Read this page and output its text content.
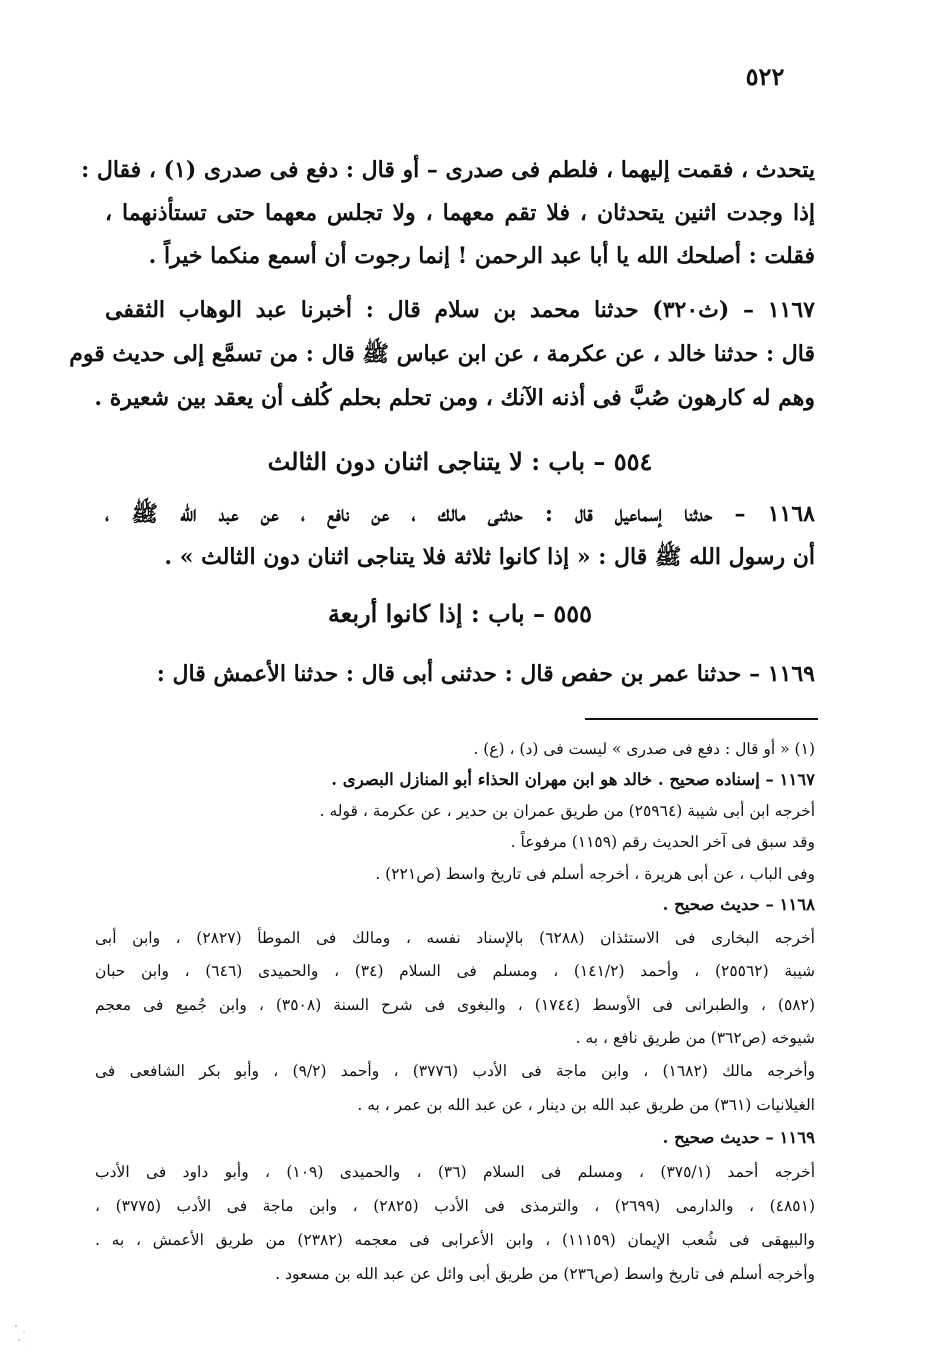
٥٢٢
يتحدث ، فقمت إليهما ، فلطم فى صدرى – أو قال : دفع فى صدرى (١) ، فقال :
إذا وجدت اثنين يتحدثان ، فلا تقم معهما ، ولا تجلس معهما حتى تستأذنهما ،
فقلت : أصلحك الله يا أبا عبد الرحمن ! إنما رجوت أن أسمع منكما خيراً .
١١٦٧ – (ث٣٢٠) حدثنا محمد بن سلام قال : أخبرنا عبد الوهاب الثقفى
قال : حدثنا خالد ، عن عكرمة ، عن ابن عباس ﷺ قال : من تسمَّع إلى حديث قوم
وهم له كارهون صُبَّ فى أذنه الآنك ، ومن تحلم بحلم كُلف أن يعقد بين شعيرة .
٥٥٤ – باب : لا يتناجى اثنان دون الثالث
١١٦٨ – حدثنا إسماعيل قال : حدثنى مالك ، عن نافع ، عن عبد الله ﷺ ،
أن رسول الله ﷺ قال : « إذا كانوا ثلاثة فلا يتناجى اثنان دون الثالث » .
٥٥٥ – باب : إذا كانوا أربعة
١١٦٩ – حدثنا عمر بن حفص قال : حدثنى أبى قال : حدثنا الأعمش قال :
(١) « أو قال : دفع فى صدرى » ليست فى (د) ، (ع) .
١١٦٧ – إسناده صحيح . خالد هو ابن مهران الحذاء أبو المنازل البصرى .
أخرجه ابن أبى شيبة (٢٥٩٦٤) من طريق عمران بن حدير ، عن عكرمة ، قوله .
وقد سبق فى آخر الحديث رقم (١١٥٩) مرفوعاً .
وفى الباب ، عن أبى هريرة ، أخرجه أسلم فى تاريخ واسط (ص٢٢١) .
١١٦٨ – حديث صحيح .
أخرجه البخارى فى الاستئذان (٦٢٨٨) بالإسناد نفسه ، ومالك فى الموطأ (٢٨٢٧) ، وابن أبى
شيبة (٢٥٥٦٢) ، وأحمد (١٤١/٢) ، ومسلم فى السلام (٣٤) ، والحميدى (٦٤٦) ، وابن حبان
(٥٨٢) ، والطبرانى فى الأوسط (١٧٤٤) ، والبغوى فى شرح السنة (٣٥٠٨) ، وابن جُميع فى معجم
شيوخه (ص٣٦٢) من طريق نافع ، به .
وأخرجه مالك (١٦٨٢) ، وابن ماجة فى الأدب (٣٧٧٦) ، وأحمد (٩/٢) ، وأبو بكر الشافعى فى
الغيلانيات (٣٦١) من طريق عبد الله بن دينار ، عن عبد الله بن عمر ، به .
١١٦٩ – حديث صحيح .
أخرجه أحمد (٣٧٥/١) ، ومسلم فى السلام (٣٦) ، والحميدى (١٠٩) ، وأبو داود فى الأدب
(٤٨٥١) ، والدارمى (٢٦٩٩) ، والترمذى فى الأدب (٢٨٢٥) ، وابن ماجة فى الأدب (٣٧٧٥) ،
والبيهقى فى شُعب الإيمان (١١١٥٩) ، وابن الأعرابى فى معجمه (٢٣٨٢) من طريق الأعمش ، به .
وأخرجه أسلم فى تاريخ واسط (ص٢٣٦) من طريق أبى وائل عن عبد الله بن مسعود .
